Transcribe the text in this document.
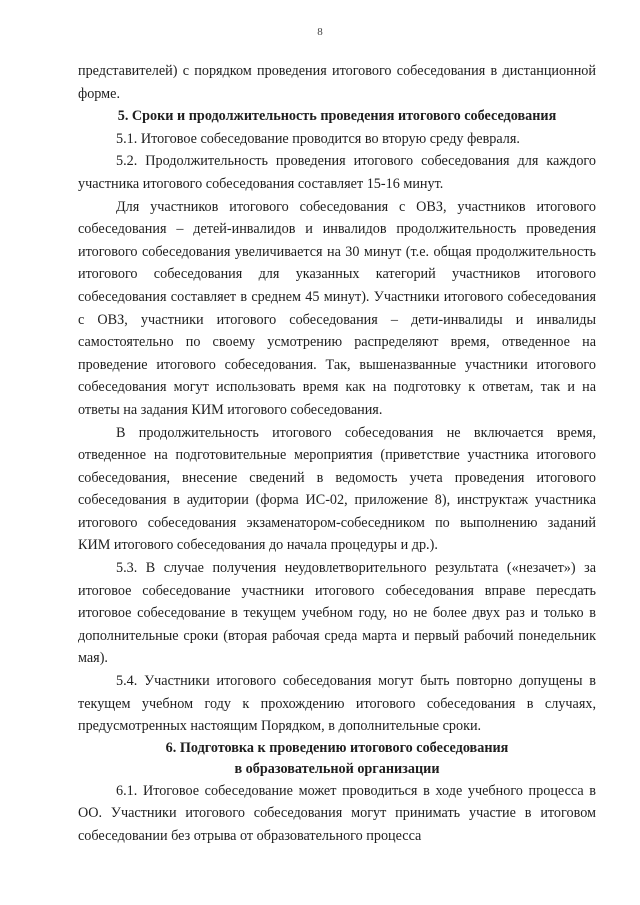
8

представителей) с порядком проведения итогового собеседования в дистанционной форме.

5. Сроки и продолжительность проведения итогового собеседования

5.1. Итоговое собеседование проводится во вторую среду февраля.

5.2. Продолжительность проведения итогового собеседования для каждого участника итогового собеседования составляет 15-16 минут.

Для участников итогового собеседования с ОВЗ, участников итогового собеседования – детей-инвалидов и инвалидов продолжительность проведения итогового собеседования увеличивается на 30 минут (т.е. общая продолжительность итогового собеседования для указанных категорий участников итогового собеседования составляет в среднем 45 минут). Участники итогового собеседования с ОВЗ, участники итогового собеседования – дети-инвалиды и инвалиды самостоятельно по своему усмотрению распределяют время, отведенное на проведение итогового собеседования. Так, вышеназванные участники итогового собеседования могут использовать время как на подготовку к ответам, так и на ответы на задания КИМ итогового собеседования.

В продолжительность итогового собеседования не включается время, отведенное на подготовительные мероприятия (приветствие участника итогового собеседования, внесение сведений в ведомость учета проведения итогового собеседования в аудитории (форма ИС-02, приложение 8), инструктаж участника итогового собеседования экзаменатором-собеседником по выполнению заданий КИМ итогового собеседования до начала процедуры и др.).

5.3. В случае получения неудовлетворительного результата («незачет») за итоговое собеседование участники итогового собеседования вправе пересдать итоговое собеседование в текущем учебном году, но не более двух раз и только в дополнительные сроки (вторая рабочая среда марта и первый рабочий понедельник мая).

5.4. Участники итогового собеседования могут быть повторно допущены в текущем учебном году к прохождению итогового собеседования в случаях, предусмотренных настоящим Порядком, в дополнительные сроки.

6. Подготовка к проведению итогового собеседования
в образовательной организации

6.1. Итоговое собеседование может проводиться в ходе учебного процесса в ОО. Участники итогового собеседования могут принимать участие в итоговом собеседовании без отрыва от образовательного процесса
